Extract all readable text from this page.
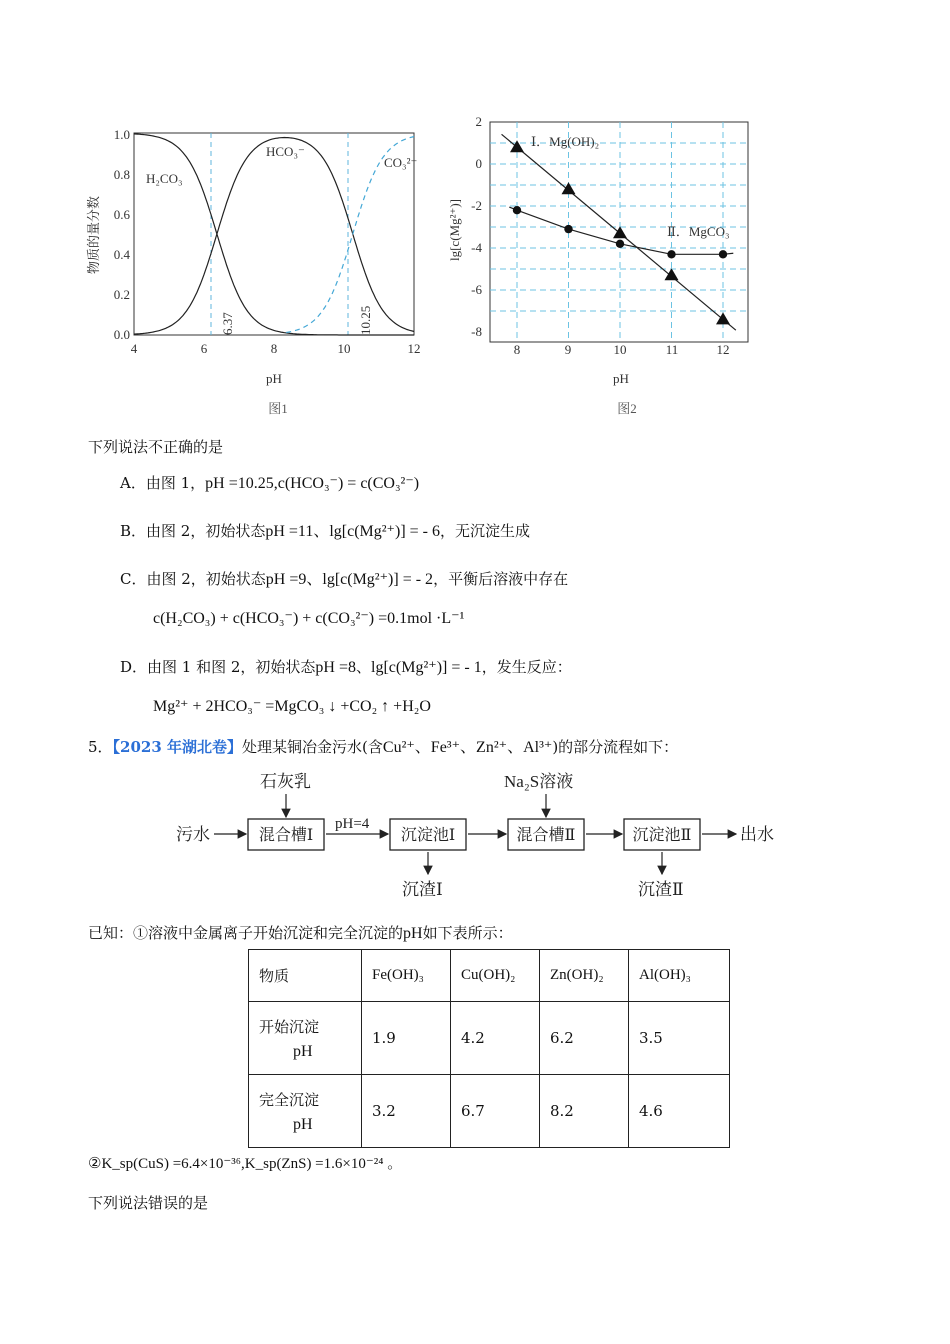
0.0
0.2
0.4
0.6
0.8
1.0
4	6	8	10	12
pH
图1
物质的量分数
H₂CO₃
HCO₃⁻
CO₃²⁻
6.37	10.25
2
0
-2
-4
-6
-8
8	9	10	11	12
pH
图2
lg[c(Mg²⁺)]
Ⅰ．Mg(OH)₂
Ⅱ．MgCO₃
下列说法不正确的是
A．由图 1，pH =10.25,c(HCO₃⁻) = c(CO₃²⁻)
B．由图 2，初始状态pH =11、lg[c(Mg²⁺)] = - 6，无沉淀生成
C．由图 2，初始状态pH =9、lg[c(Mg²⁺)] = - 2，平衡后溶液中存在
c(H₂CO₃) + c(HCO₃⁻) + c(CO₃²⁻) =0.1mol ·L⁻¹
D．由图 1 和图 2，初始状态pH =8、lg[c(Mg²⁺)] = - 1，发生反应：
Mg²⁺ + 2HCO₃⁻ =MgCO₃ ↓ +CO₂ ↑ +H₂O
5．【2023 年湖北卷】处理某铜冶金污水(含Cu²⁺、Fe³⁺、Zn²⁺、Al³⁺)的部分流程如下：
污水
石灰乳
pH=4
Na₂S溶液
沉渣Ⅰ	沉渣Ⅱ
出水
混合槽Ⅰ	沉淀池Ⅰ	混合槽Ⅱ	沉淀池Ⅱ
已知：①溶液中金属离子开始沉淀和完全沉淀的pH如下表所示：
物质	Fe(OH)₃	Cu(OH)₂	Zn(OH)₂	Al(OH)₃

开始沉淀
pH	1.9	4.2	6.2	3.5

完全沉淀
pH	3.2	6.7	8.2	4.6
②K_sp(CuS) =6.4×10⁻³⁶,K_sp(ZnS) =1.6×10⁻²⁴ 。
下列说法错误的是
